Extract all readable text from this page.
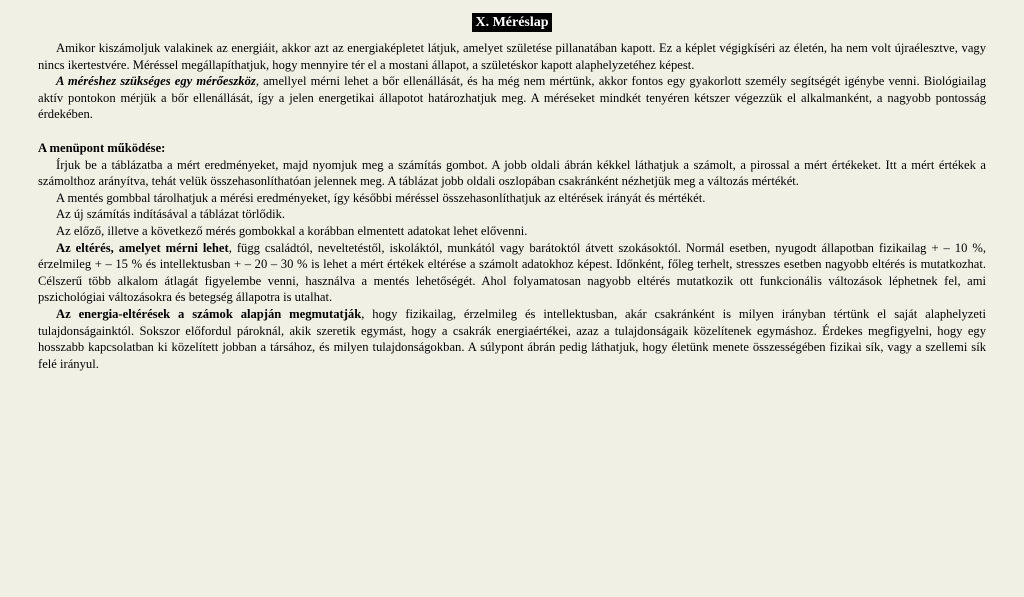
X. Méréslap

Amikor kiszámoljuk valakinek az energiáit, akkor azt az energiaképletet látjuk, amelyet születése pillanatában kapott. Ez a képlet végigkíséri az életén, ha nem volt újraélesztve, vagy nincs ikertestvére. Méréssel megállapíthatjuk, hogy mennyire tér el a mostani állapot, a születéskor kapott alaphelyzetéhez képest.

A méréshez szükséges egy mérőeszköz, amellyel mérni lehet a bőr ellenállását, és ha még nem mértünk, akkor fontos egy gyakorlott személy segítségét igénybe venni. Biológiailag aktív pontokon mérjük a bőr ellenállását, így a jelen energetikai állapotot határozhatjuk meg. A méréseket mindkét tenyéren kétszer végezzük el alkalmanként, a nagyobb pontosság érdekében.

A menüpont működése:

Írjuk be a táblázatba a mért eredményeket, majd nyomjuk meg a számítás gombot. A jobb oldali ábrán kékkel láthatjuk a számolt, a pirossal a mért értékeket. Itt a mért értékek a számolthoz arányítva, tehát velük összehasonlíthatóan jelennek meg. A táblázat jobb oldali oszlopában csakránként nézhetjük meg a változás mértékét.

A mentés gombbal tárolhatjuk a mérési eredményeket, így későbbi méréssel összehasonlíthatjuk az eltérések irányát és mértékét.

Az új számítás indításával a táblázat törlődik.

Az előző, illetve a következő mérés gombokkal a korábban elmentett adatokat lehet elővenni.

Az eltérés, amelyet mérni lehet, függ családtól, neveltetéstől, iskoláktól, munkától vagy barátoktól átvett szokásoktól. Normál esetben, nyugodt állapotban fizikailag + – 10 %, érzelmileg + – 15 % és intellektusban + – 20 – 30 % is lehet a mért értékek eltérése a számolt adatokhoz képest. Időnként, főleg terhelt, stresszes esetben nagyobb eltérés is mutatkozhat. Célszerű több alkalom átlagát figyelembe venni, használva a mentés lehetőségét. Ahol folyamatosan nagyobb eltérés mutatkozik ott funkcionális változások léphetnek fel, ami pszichológiai változásokra és betegség állapotra is utalhat.

Az energia-eltérések a számok alapján megmutatják, hogy fizikailag, érzelmileg és intellektusban, akár csakránként is milyen irányban tértünk el saját alaphelyzeti tulajdonságainktól. Sokszor előfordul pároknál, akik szeretik egymást, hogy a csakrák energiaértékei, azaz a tulajdonságaik közelítenek egymáshoz. Érdekes megfigyelni, hogy egy hosszabb kapcsolatban ki közelített jobban a társához, és milyen tulajdonságokban. A súlypont ábrán pedig láthatjuk, hogy életünk menete összességében fizikai sík, vagy a szellemi sík felé irányul.
